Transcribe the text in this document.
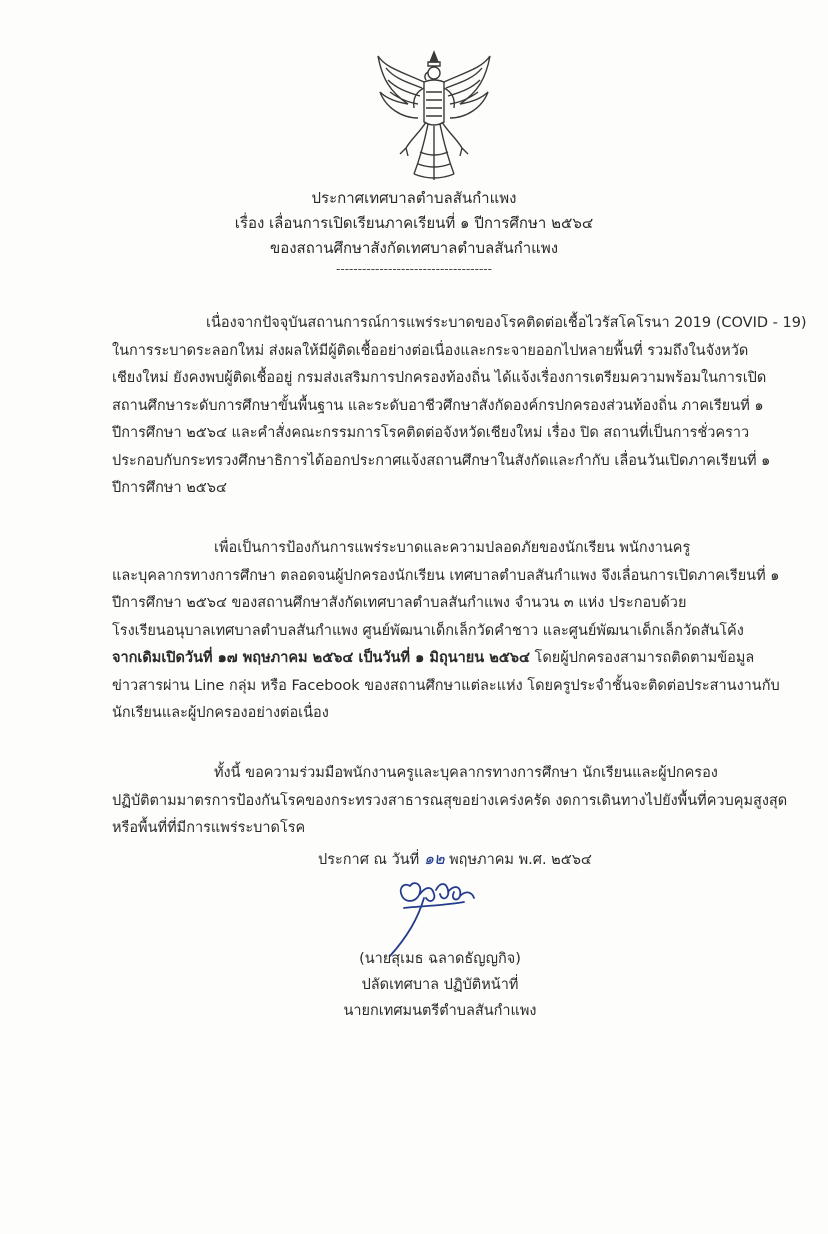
ประกาศเทศบาลตำบลสันกำแพง
เรื่อง เลื่อนการเปิดเรียนภาคเรียนที่ ๑ ปีการศึกษา ๒๕๖๔
ของสถานศึกษาสังกัดเทศบาลตำบลสันกำแพง
------------------------------------
เนื่องจากปัจจุบันสถานการณ์การแพร่ระบาดของโรคติดต่อเชื้อไวรัสโคโรนา 2019 (COVID - 19)
ในการระบาดระลอกใหม่ ส่งผลให้มีผู้ติดเชื้ออย่างต่อเนื่องและกระจายออกไปหลายพื้นที่ รวมถึงในจังหวัด
เชียงใหม่ ยังคงพบผู้ติดเชื้ออยู่ กรมส่งเสริมการปกครองท้องถิ่น ได้แจ้งเรื่องการเตรียมความพร้อมในการเปิด
สถานศึกษาระดับการศึกษาขั้นพื้นฐาน และระดับอาชีวศึกษาสังกัดองค์กรปกครองส่วนท้องถิ่น ภาคเรียนที่ ๑
ปีการศึกษา ๒๕๖๔ และคำสั่งคณะกรรมการโรคติดต่อจังหวัดเชียงใหม่ เรื่อง ปิด สถานที่เป็นการชั่วคราว
ประกอบกับกระทรวงศึกษาธิการได้ออกประกาศแจ้งสถานศึกษาในสังกัดและกำกับ เลื่อนวันเปิดภาคเรียนที่ ๑
ปีการศึกษา ๒๕๖๔
เพื่อเป็นการป้องกันการแพร่ระบาดและความปลอดภัยของนักเรียน พนักงานครู
และบุคลากรทางการศึกษา ตลอดจนผู้ปกครองนักเรียน เทศบาลตำบลสันกำแพง จึงเลื่อนการเปิดภาคเรียนที่ ๑
ปีการศึกษา ๒๕๖๔ ของสถานศึกษาสังกัดเทศบาลตำบลสันกำแพง จำนวน ๓ แห่ง ประกอบด้วย
โรงเรียนอนุบาลเทศบาลตำบลสันกำแพง ศูนย์พัฒนาเด็กเล็กวัดคำชาว และศูนย์พัฒนาเด็กเล็กวัดสันโค้ง
จากเดิมเปิดวันที่ ๑๗ พฤษภาคม ๒๕๖๔ เป็นวันที่ ๑ มิถุนายน ๒๕๖๔ โดยผู้ปกครองสามารถติดตามข้อมูล
ข่าวสารผ่าน Line กลุ่ม หรือ Facebook ของสถานศึกษาแต่ละแห่ง โดยครูประจำชั้นจะติดต่อประสานงานกับ
นักเรียนและผู้ปกครองอย่างต่อเนื่อง
ทั้งนี้ ขอความร่วมมือพนักงานครูและบุคลากรทางการศึกษา นักเรียนและผู้ปกครอง
ปฏิบัติตามมาตรการป้องกันโรคของกระทรวงสาธารณสุขอย่างเคร่งครัด งดการเดินทางไปยังพื้นที่ควบคุมสูงสุด
หรือพื้นที่ที่มีการแพร่ระบาดโรค
ประกาศ ณ วันที่ ๑๒ พฤษภาคม พ.ศ. ๒๕๖๔
(นายสุเมธ ฉลาดธัญญกิจ)
ปลัดเทศบาล ปฏิบัติหน้าที่
นายกเทศมนตรีตำบลสันกำแพง
